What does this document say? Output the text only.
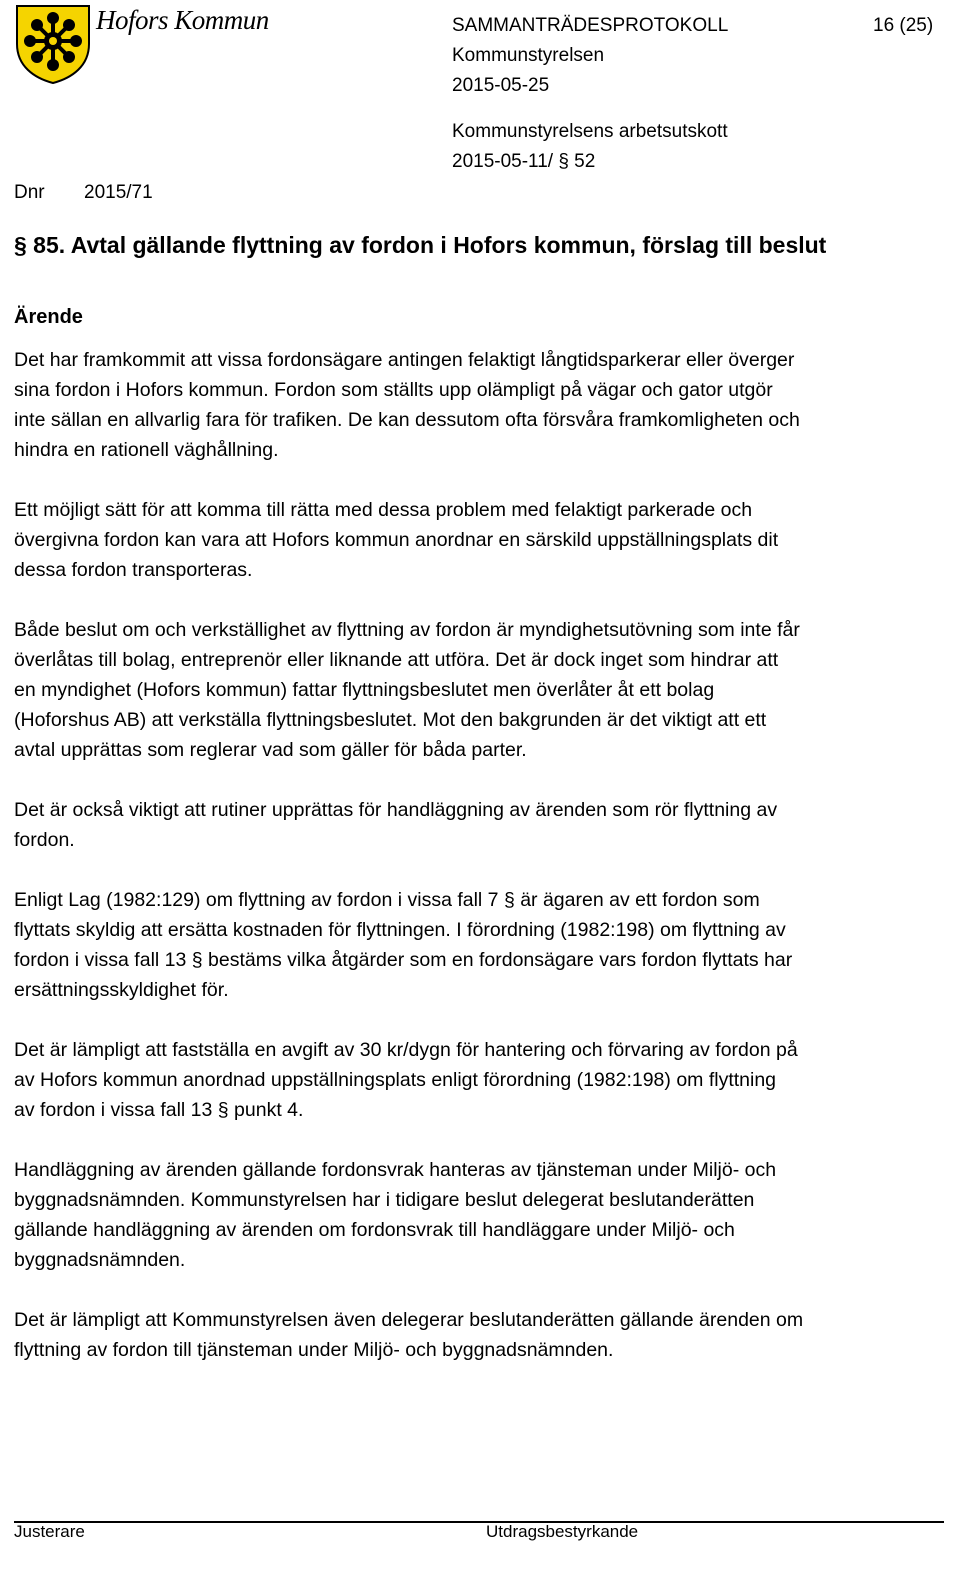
Hofors Kommun	SAMMANTRÄDESPROTOKOLL	16 (25)
Kommunstyrelsen
2015-05-25
Kommunstyrelsens arbetsutskott
2015-05-11/ § 52
Dnr 2015/71
§ 85. Avtal gällande flyttning av fordon i Hofors kommun, förslag till beslut
Ärende

Det har framkommit att vissa fordonsägare antingen felaktigt långtidsparkerar eller överger
sina fordon i Hofors kommun. Fordon som ställts upp olämpligt på vägar och gator utgör
inte sällan en allvarlig fara för trafiken. De kan dessutom ofta försvåra framkomligheten och
hindra en rationell väghållning.

Ett möjligt sätt för att komma till rätta med dessa problem med felaktigt parkerade och
övergivna fordon kan vara att Hofors kommun anordnar en särskild uppställningsplats dit
dessa fordon transporteras.

Både beslut om och verkställighet av flyttning av fordon är myndighetsutövning som inte får
överlåtas till bolag, entreprenör eller liknande att utföra. Det är dock inget som hindrar att
en myndighet (Hofors kommun) fattar flyttningsbeslutet men överlåter åt ett bolag
(Hoforshus AB) att verkställa flyttningsbeslutet. Mot den bakgrunden är det viktigt att ett
avtal upprättas som reglerar vad som gäller för båda parter.

Det är också viktigt att rutiner upprättas för handläggning av ärenden som rör flyttning av
fordon.

Enligt Lag (1982:129) om flyttning av fordon i vissa fall 7 § är ägaren av ett fordon som
flyttats skyldig att ersätta kostnaden för flyttningen. I förordning (1982:198) om flyttning av
fordon i vissa fall 13 § bestäms vilka åtgärder som en fordonsägare vars fordon flyttats har
ersättningsskyldighet för.

Det är lämpligt att fastställa en avgift av 30 kr/dygn för hantering och förvaring av fordon på
av Hofors kommun anordnad uppställningsplats enligt förordning (1982:198) om flyttning
av fordon i vissa fall 13 § punkt 4.

Handläggning av ärenden gällande fordonsvrak hanteras av tjänsteman under Miljö- och
byggnadsnämnden. Kommunstyrelsen har i tidigare beslut delegerat beslutanderätten
gällande handläggning av ärenden om fordonsvrak till handläggare under Miljö- och
byggnadsnämnden.

Det är lämpligt att Kommunstyrelsen även delegerar beslutanderätten gällande ärenden om
flyttning av fordon till tjänsteman under Miljö- och byggnadsnämnden.

Justerare	Utdragsbestyrkande
